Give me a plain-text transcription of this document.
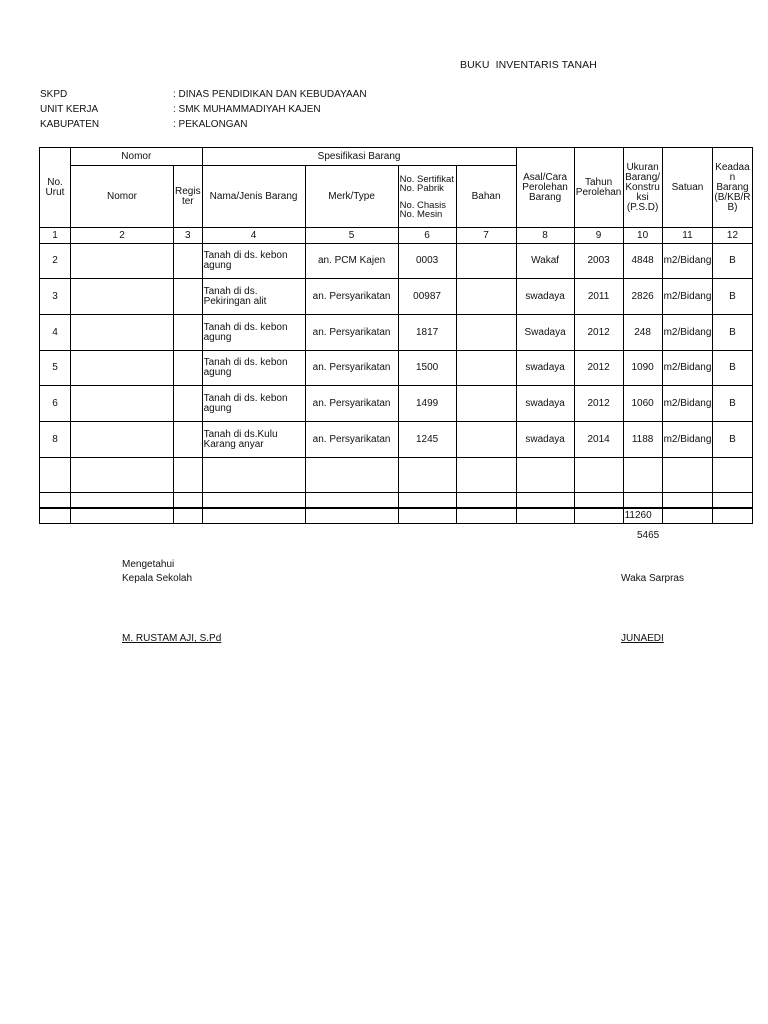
BUKU  INVENTARIS TANAH
SKPD	: DINAS PENDIDIKAN DAN KEBUDAYAAN
UNIT KERJA	: SMK MUHAMMADIYAH KAJEN
KABUPATEN	: PEKALONGAN
No. Urut	Nomor		Spesifikasi Barang				Asal/Cara Perolehan Barang	Tahun Perolehan	Ukuran Barang/ Konstru ksi (P.S.D)	Satuan	Keadaa n Barang (B/KB/R B)
	Nomor	Regis ter	Nama/Jenis Barang	Merk/Type	No. Sertifikat No. Pabrik
No. Chasis
No. Mesin	Bahan					
1	2	3	4	5	6	7	8	9	10	11	12
2			Tanah di ds. kebon agung	an. PCM Kajen	0003		Wakaf	2003	4848	m2/Bidang	B
3			Tanah di ds. Pekiringan alit	an. Persyarikatan	00987		swadaya	2011	2826	m2/Bidang	B
4			Tanah di ds. kebon agung	an. Persyarikatan	1817		Swadaya	2012	248	m2/Bidang	B
5			Tanah di ds. kebon agung	an. Persyarikatan	1500		swadaya	2012	1090	m2/Bidang	B
6			Tanah di ds. kebon agung	an. Persyarikatan	1499		swadaya	2012	1060	m2/Bidang	B
8			Tanah di ds.Kulu Karang anyar	an. Persyarikatan	1245		swadaya	2014	1188	m2/Bidang	B

									11260		
5465
Mengetahui
Kepala Sekolah
M. RUSTAM AJI, S.Pd
Waka Sarpras
JUNAEDI
